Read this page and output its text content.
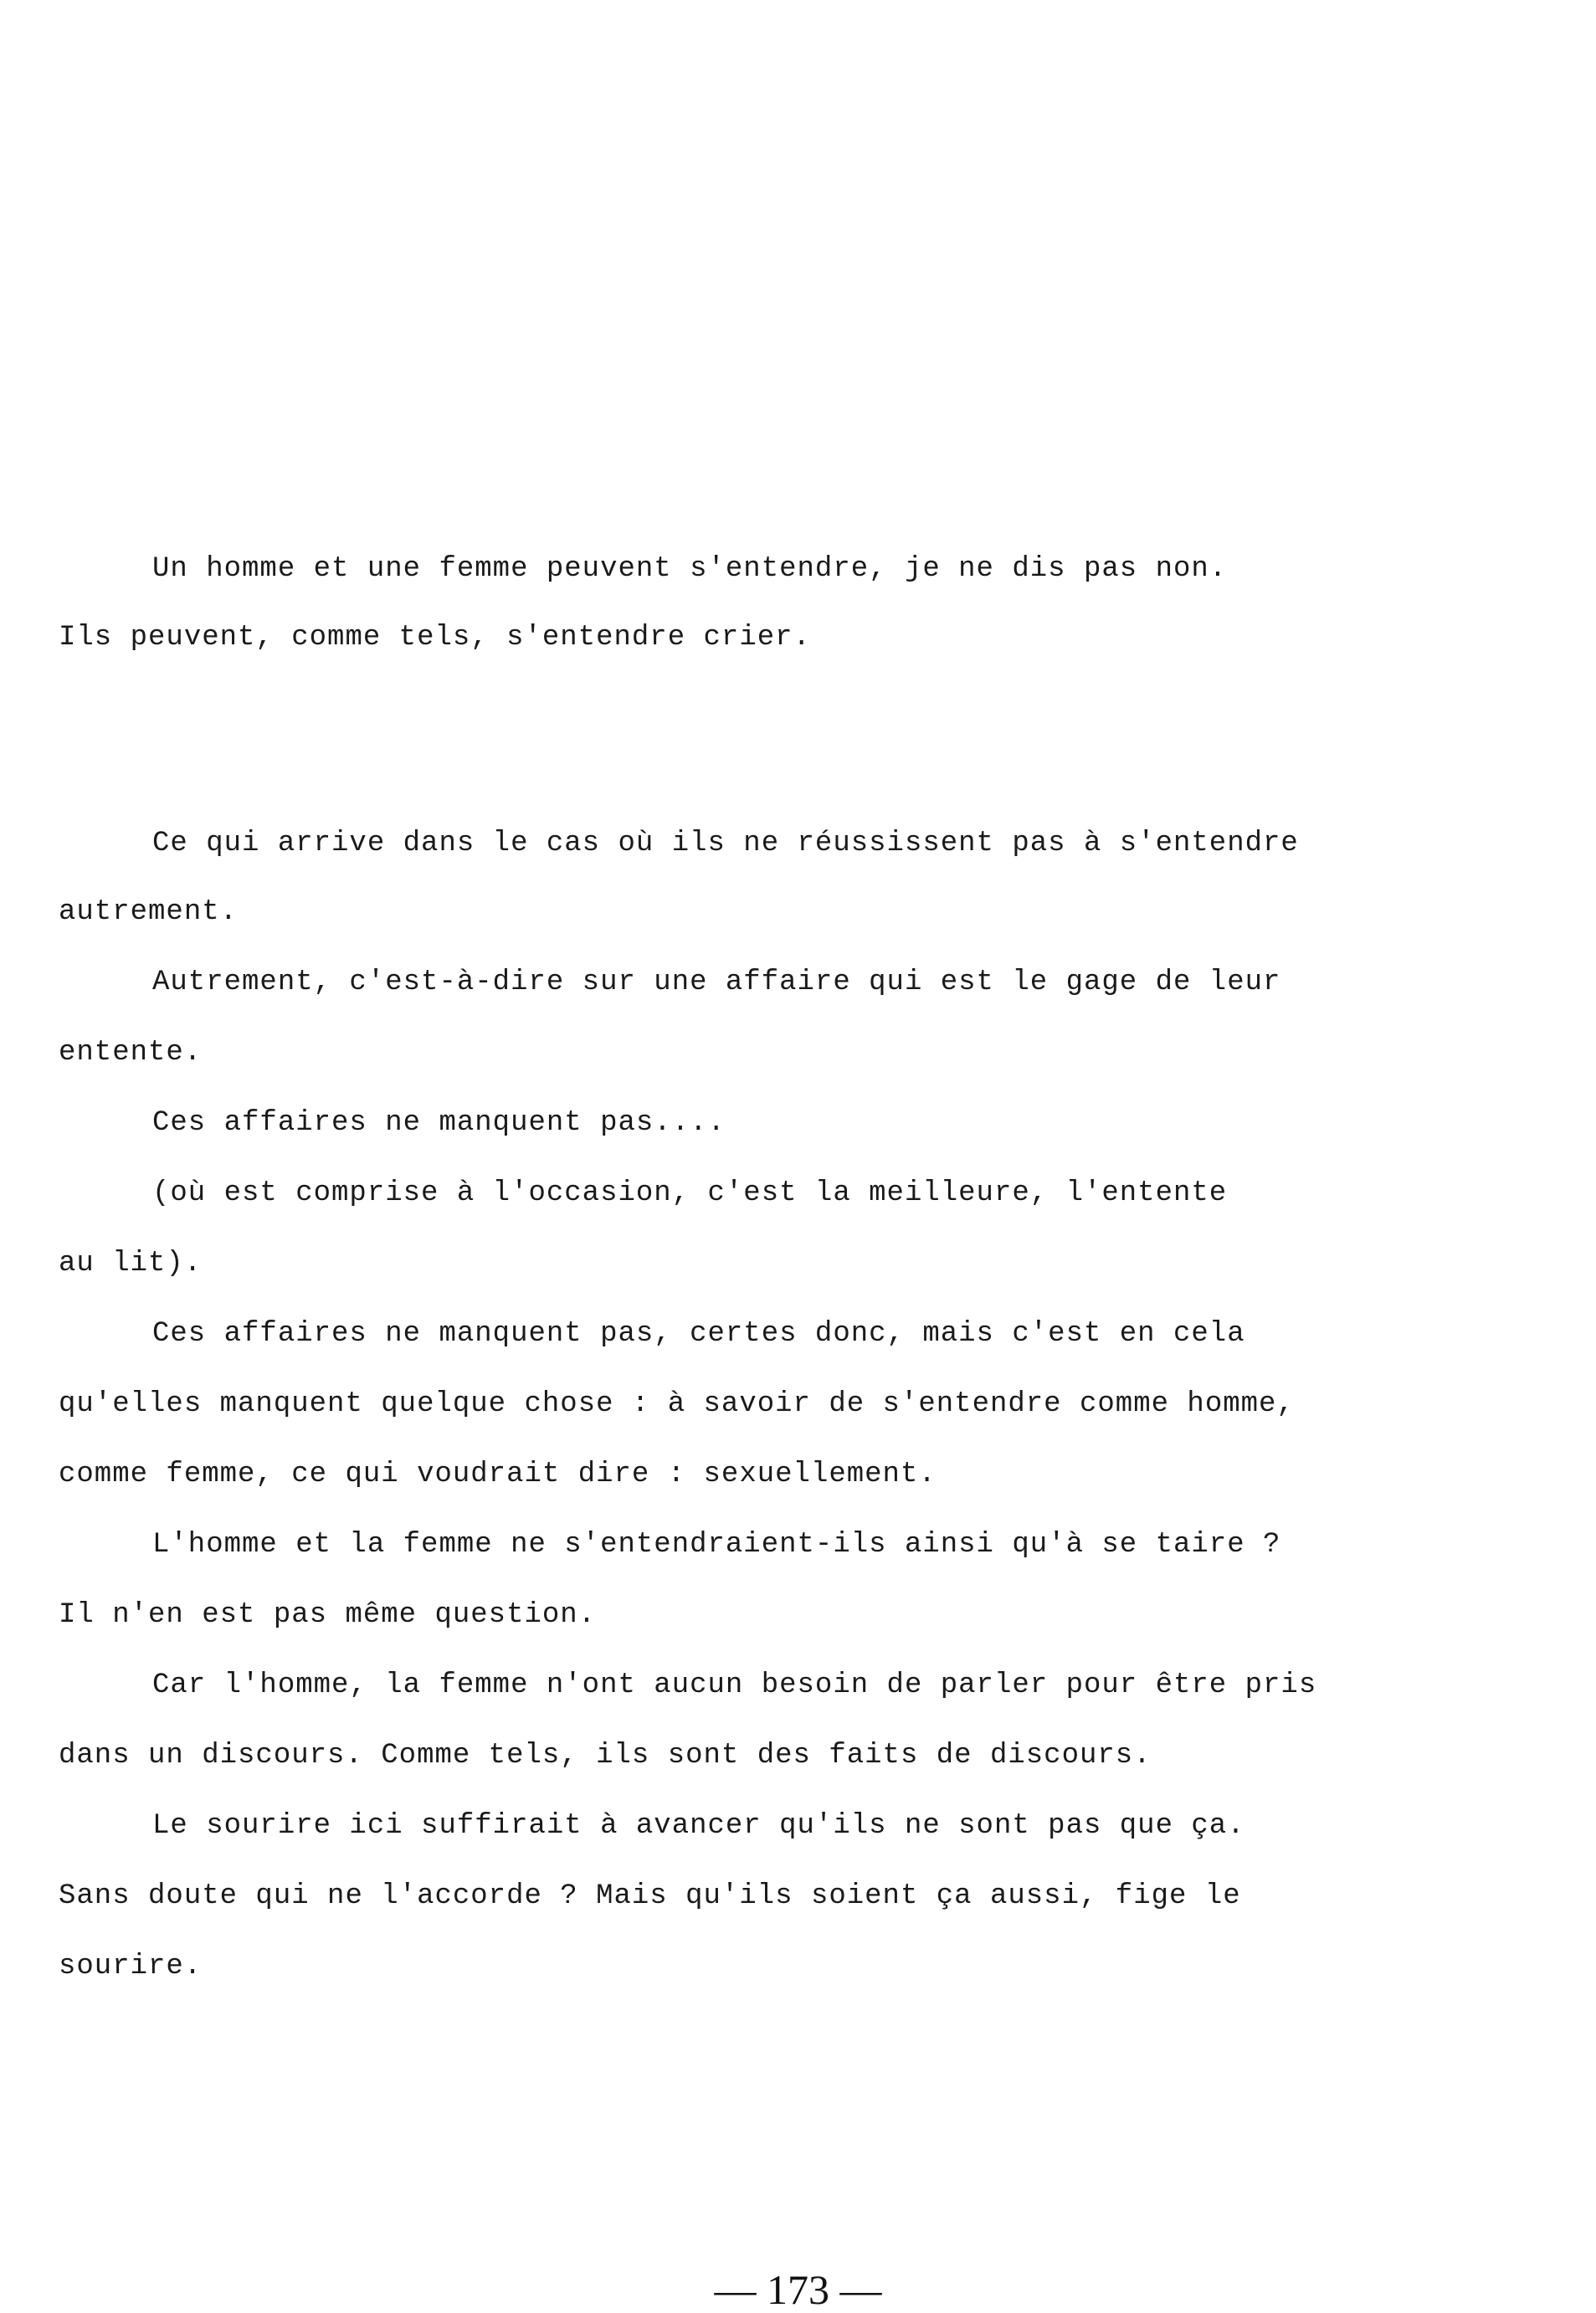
Un homme et une femme peuvent s'entendre, je ne dis pas non.
Ils peuvent, comme tels, s'entendre crier.
Ce qui arrive dans le cas où ils ne réussissent pas à s'entendre
autrement.
Autrement, c'est-à-dire sur une affaire qui est le gage de leur
entente.
Ces affaires ne manquent pas....
(où est comprise à l'occasion, c'est la meilleure, l'entente
au lit).
Ces affaires ne manquent pas, certes donc, mais c'est en cela
qu'elles manquent quelque chose : à savoir de s'entendre comme homme,
comme femme, ce qui voudrait dire : sexuellement.
L'homme et la femme ne s'entendraient-ils ainsi qu'à se taire ?
Il n'en est pas même question.
Car l'homme, la femme n'ont aucun besoin de parler pour être pris
dans un discours. Comme tels, ils sont des faits de discours.
Le sourire ici suffirait à avancer qu'ils ne sont pas que ça.
Sans doute qui ne l'accorde ? Mais qu'ils soient ça aussi, fige le
sourire.
— 173 —
